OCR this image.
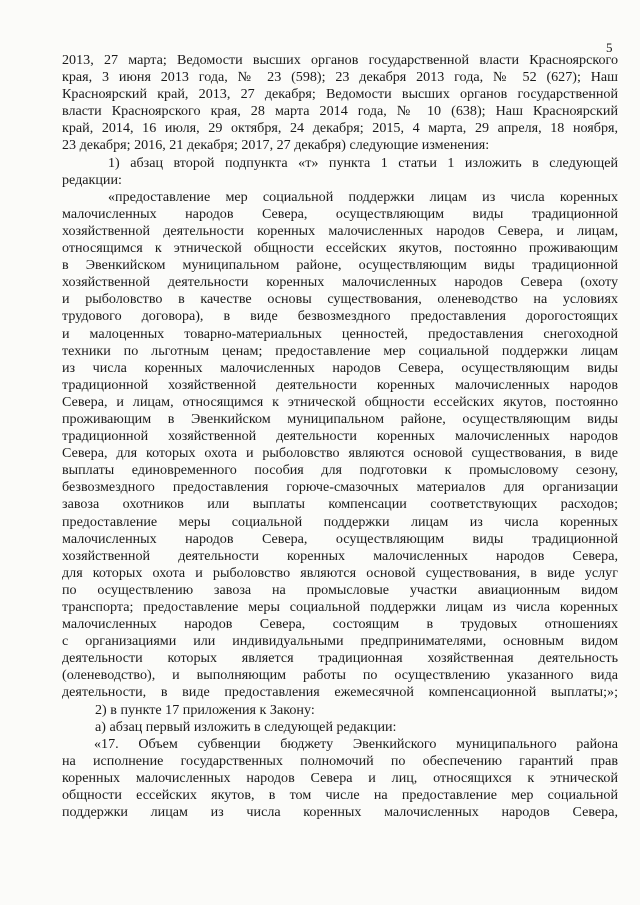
5
2013, 27 марта; Ведомости высших органов государственной власти Красноярского
края, 3 июня 2013 года, № 23 (598); 23 декабря 2013 года, № 52 (627); Наш
Красноярский край, 2013, 27 декабря; Ведомости высших органов государственной
власти Красноярского края, 28 марта 2014 года, № 10 (638); Наш Красноярский
край, 2014, 16 июля, 29 октября, 24 декабря; 2015, 4 марта, 29 апреля, 18 ноября,
23 декабря; 2016, 21 декабря; 2017, 27 декабря) следующие изменения:
1) абзац второй подпункта «т» пункта 1 статьи 1 изложить в следующей
редакции:
«предоставление мер социальной поддержки лицам из числа коренных
малочисленных народов Севера, осуществляющим виды традиционной
хозяйственной деятельности коренных малочисленных народов Севера, и лицам,
относящимся к этнической общности ессейских якутов, постоянно проживающим
в Эвенкийском муниципальном районе, осуществляющим виды традиционной
хозяйственной деятельности коренных малочисленных народов Севера (охоту
и рыболовство в качестве основы существования, оленеводство на условиях
трудового договора), в виде безвозмездного предоставления дорогостоящих
и малоценных товарно-материальных ценностей, предоставления снегоходной
техники по льготным ценам; предоставление мер социальной поддержки лицам
из числа коренных малочисленных народов Севера, осуществляющим виды
традиционной хозяйственной деятельности коренных малочисленных народов
Севера, и лицам, относящимся к этнической общности ессейских якутов, постоянно
проживающим в Эвенкийском муниципальном районе, осуществляющим виды
традиционной хозяйственной деятельности коренных малочисленных народов
Севера, для которых охота и рыболовство являются основой существования, в виде
выплаты единовременного пособия для подготовки к промысловому сезону,
безвозмездного предоставления горюче-смазочных материалов для организации
завоза охотников или выплаты компенсации соответствующих расходов;
предоставление меры социальной поддержки лицам из числа коренных
малочисленных народов Севера, осуществляющим виды традиционной
хозяйственной деятельности коренных малочисленных народов Севера,
для которых охота и рыболовство являются основой существования, в виде услуг
по осуществлению завоза на промысловые участки авиационным видом
транспорта; предоставление меры социальной поддержки лицам из числа коренных
малочисленных народов Севера, состоящим в трудовых отношениях
с организациями или индивидуальными предпринимателями, основным видом
деятельности которых является традиционная хозяйственная деятельность
(оленеводство), и выполняющим работы по осуществлению указанного вида
деятельности, в виде предоставления ежемесячной компенсационной выплаты;»;
2) в пункте 17 приложения к Закону:
а) абзац первый изложить в следующей редакции:
«17. Объем субвенции бюджету Эвенкийского муниципального района
на исполнение государственных полномочий по обеспечению гарантий прав
коренных малочисленных народов Севера и лиц, относящихся к этнической
общности ессейских якутов, в том числе на предоставление мер социальной
поддержки лицам из числа коренных малочисленных народов Севера,
